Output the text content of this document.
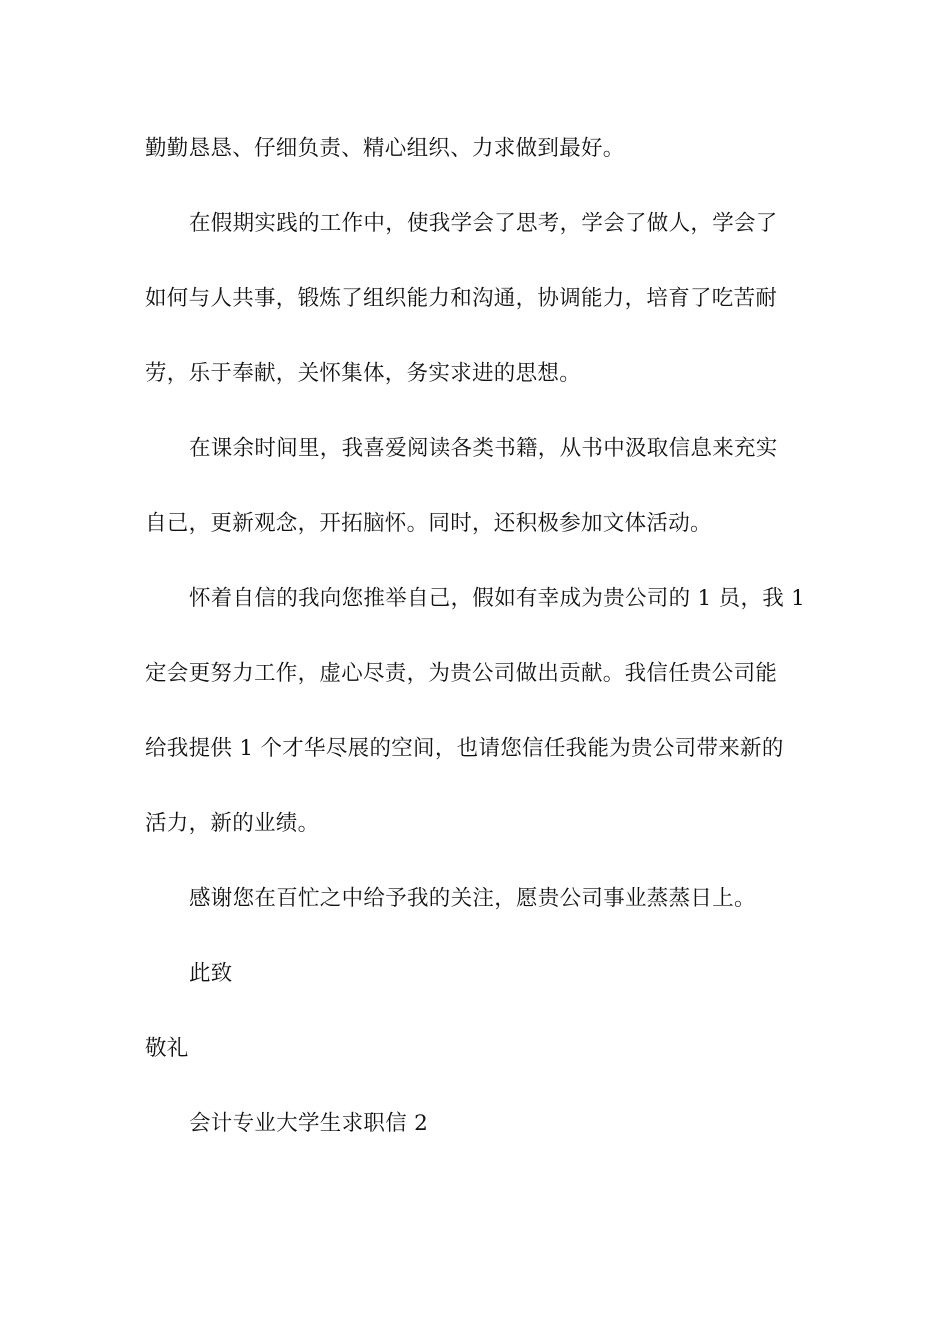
勤勤恳恳、仔细负责、精心组织、力求做到最好。
在假期实践的工作中，使我学会了思考，学会了做人，学会了
如何与人共事，锻炼了组织能力和沟通，协调能力，培育了吃苦耐
劳，乐于奉献，关怀集体，务实求进的思想。
在课余时间里，我喜爱阅读各类书籍，从书中汲取信息来充实
自己，更新观念，开拓脑怀。同时，还积极参加文体活动。
怀着自信的我向您推举自己，假如有幸成为贵公司的 1 员，我 1
定会更努力工作，虚心尽责，为贵公司做出贡献。我信任贵公司能
给我提供 1 个才华尽展的空间，也请您信任我能为贵公司带来新的
活力，新的业绩。
感谢您在百忙之中给予我的关注，愿贵公司事业蒸蒸日上。
此致
敬礼
会计专业大学生求职信 2
